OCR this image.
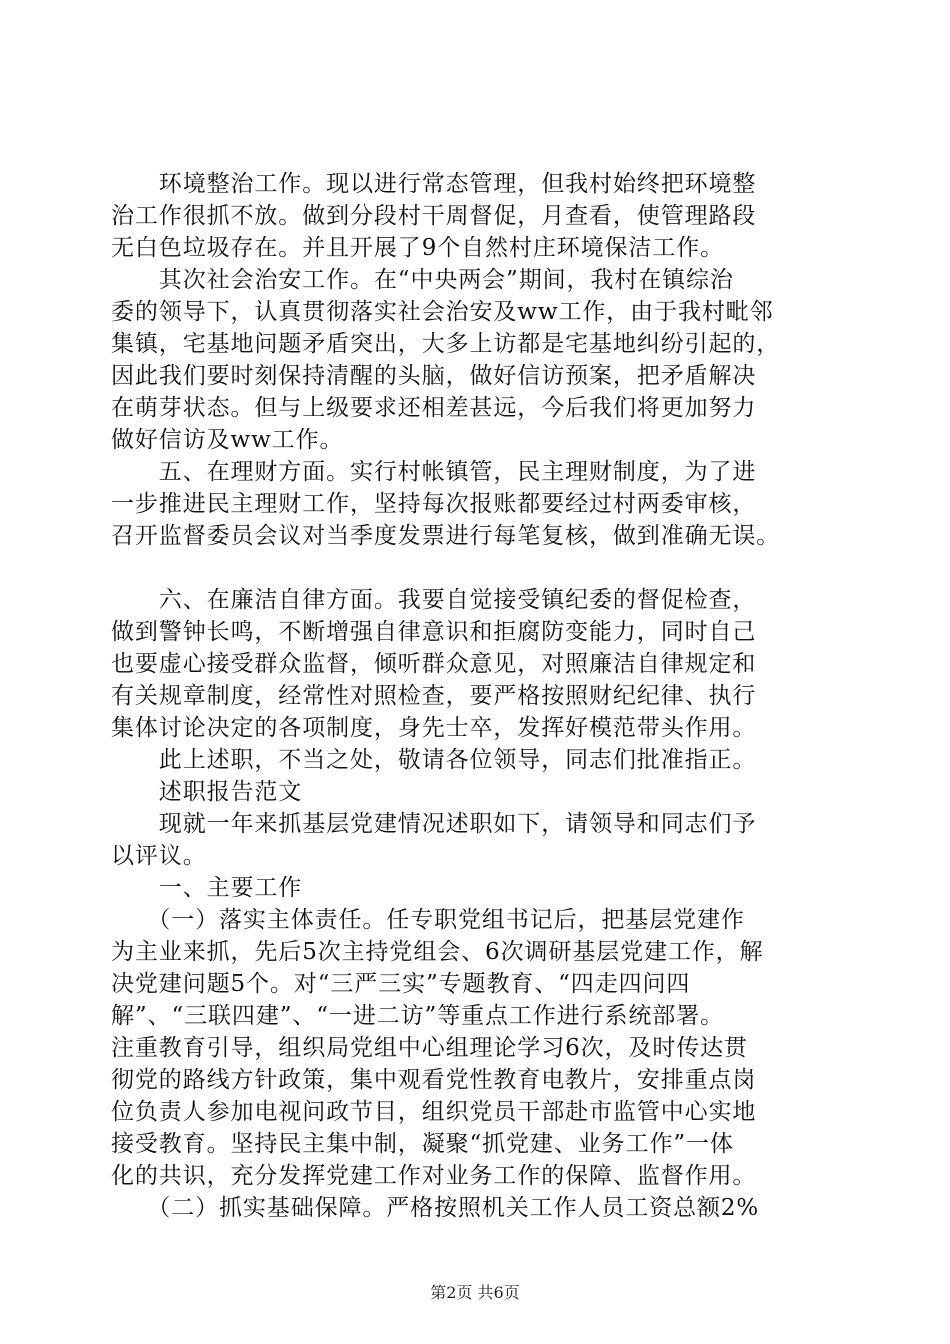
　　环境整治工作。现以进行常态管理，但我村始终把环境整
治工作很抓不放。做到分段村干周督促，月查看，使管理路段
无白色垃圾存在。并且开展了9个自然村庄环境保洁工作。
　　其次社会治安工作。在“中央两会”期间，我村在镇综治
委的领导下，认真贯彻落实社会治安及ww工作，由于我村毗邻
集镇，宅基地问题矛盾突出，大多上访都是宅基地纠纷引起的，
因此我们要时刻保持清醒的头脑，做好信访预案，把矛盾解决
在萌芽状态。但与上级要求还相差甚远，今后我们将更加努力
做好信访及ww工作。
　　五、在理财方面。实行村帐镇管，民主理财制度，为了进
一步推进民主理财工作，坚持每次报账都要经过村两委审核，
召开监督委员会议对当季度发票进行每笔复核，做到准确无误。
　　六、在廉洁自律方面。我要自觉接受镇纪委的督促检查，
做到警钟长鸣，不断增强自律意识和拒腐防变能力，同时自己
也要虚心接受群众监督，倾听群众意见，对照廉洁自律规定和
有关规章制度，经常性对照检查，要严格按照财纪纪律、执行
集体讨论决定的各项制度，身先士卒，发挥好模范带头作用。
　　此上述职，不当之处，敬请各位领导，同志们批准指正。
　　述职报告范文
　　现就一年来抓基层党建情况述职如下，请领导和同志们予
以评议。
　　一、主要工作
　　（一）落实主体责任。任专职党组书记后，把基层党建作
为主业来抓，先后5次主持党组会、6次调研基层党建工作，解
决党建问题5个。对“三严三实”专题教育、“四走四问四
解”、“三联四建”、“一进二访”等重点工作进行系统部署。
注重教育引导，组织局党组中心组理论学习6次，及时传达贯
彻党的路线方针政策，集中观看党性教育电教片，安排重点岗
位负责人参加电视问政节目，组织党员干部赴市监管中心实地
接受教育。坚持民主集中制，凝聚“抓党建、业务工作”一体
化的共识，充分发挥党建工作对业务工作的保障、监督作用。
　　（二）抓实基础保障。严格按照机关工作人员工资总额2%
第2页 共6页
